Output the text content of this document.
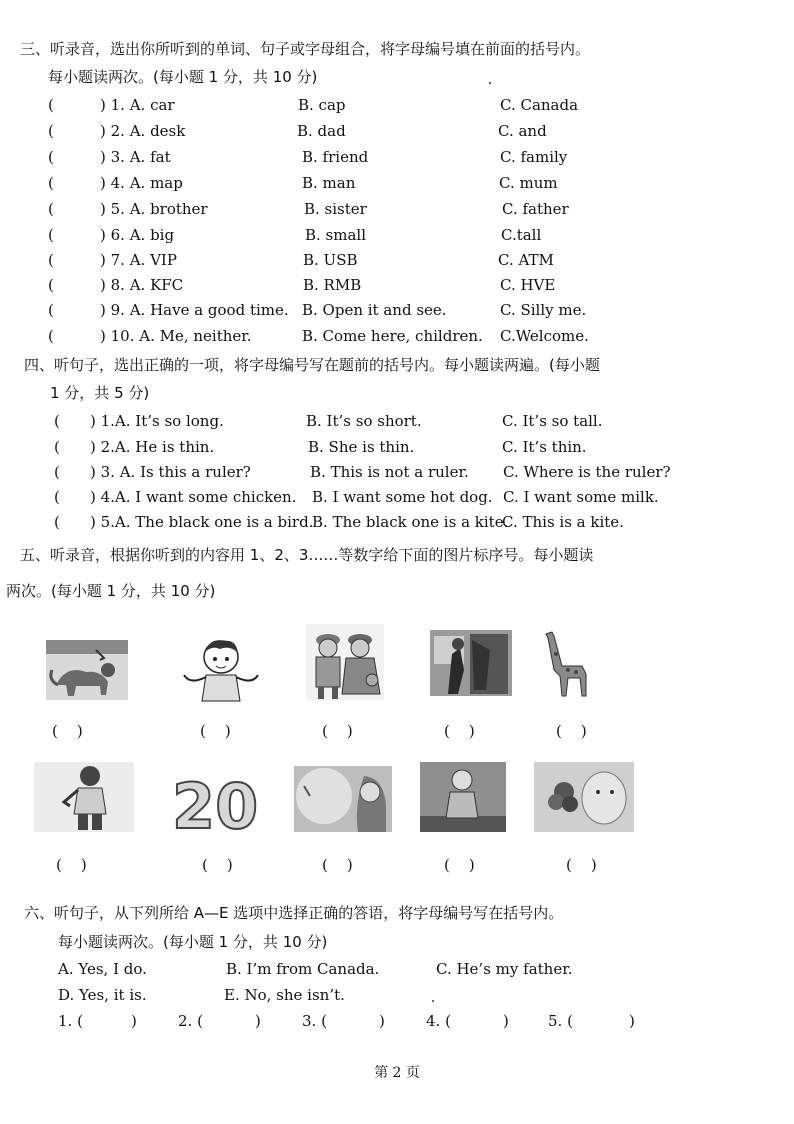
三、听录音，选出你所听到的单词、句子或字母组合，将字母编号填在前面的括号内。
每小题读两次。(每小题 1 分，共 10 分)
(	) 1. A. car	B. cap	C. Canada
(	) 2. A. desk	B. dad	C. and
(	) 3. A. fat	B. friend	C. family
(	) 4. A. map	B. man	C. mum
(	) 5. A. brother	B. sister	C. father
(	) 6. A. big	B. small	C.tall
(	) 7. A. VIP	B. USB	C. ATM
(	) 8. A. KFC	B. RMB	C. HVE
(	) 9. A. Have a good time. B. Open it and see.	C. Silly me.
(	) 10. A. Me, neither.	B. Come here, children. C.Welcome.
四、听句子，选出正确的一项，将字母编号写在题前的括号内。每小题读两遍。(每小题
1 分，共 5 分)
( ) 1.A. It’s so long.	B. It’s so short.	C. It’s so tall.
( ) 2.A. He is thin.	B. She is thin.	C. It’s thin.
( ) 3. A. Is this a ruler?	B. This is not a ruler. C. Where is the ruler?
( ) 4.A. I want some chicken. B. I want some hot dog. C. I want some milk.
( ) 5.A. The black one is a bird.
B. The black one is a kite.
C. This is a kite.
五、听录音，根据你听到的内容用 1、2、3……等数字给下面的图片标序号。每小题读
两次。(每小题 1 分，共 10 分)
(    )	(    )	(    )	(    )	(    )
20
(    )	(    )	(    )	(    )	(    )
六、听句子，从下列所给 A—E 选项中选择正确的答语，将字母编号写在括号内。
每小题读两次。(每小题 1 分，共 10 分)
A. Yes, I do.	B. I’m from Canada.	C. He’s my father.
D. Yes, it is.	E. No, she isn’t.
1. (	)	2. (	)	3. (	)	4. (	)	5. (	)
第 2 页
